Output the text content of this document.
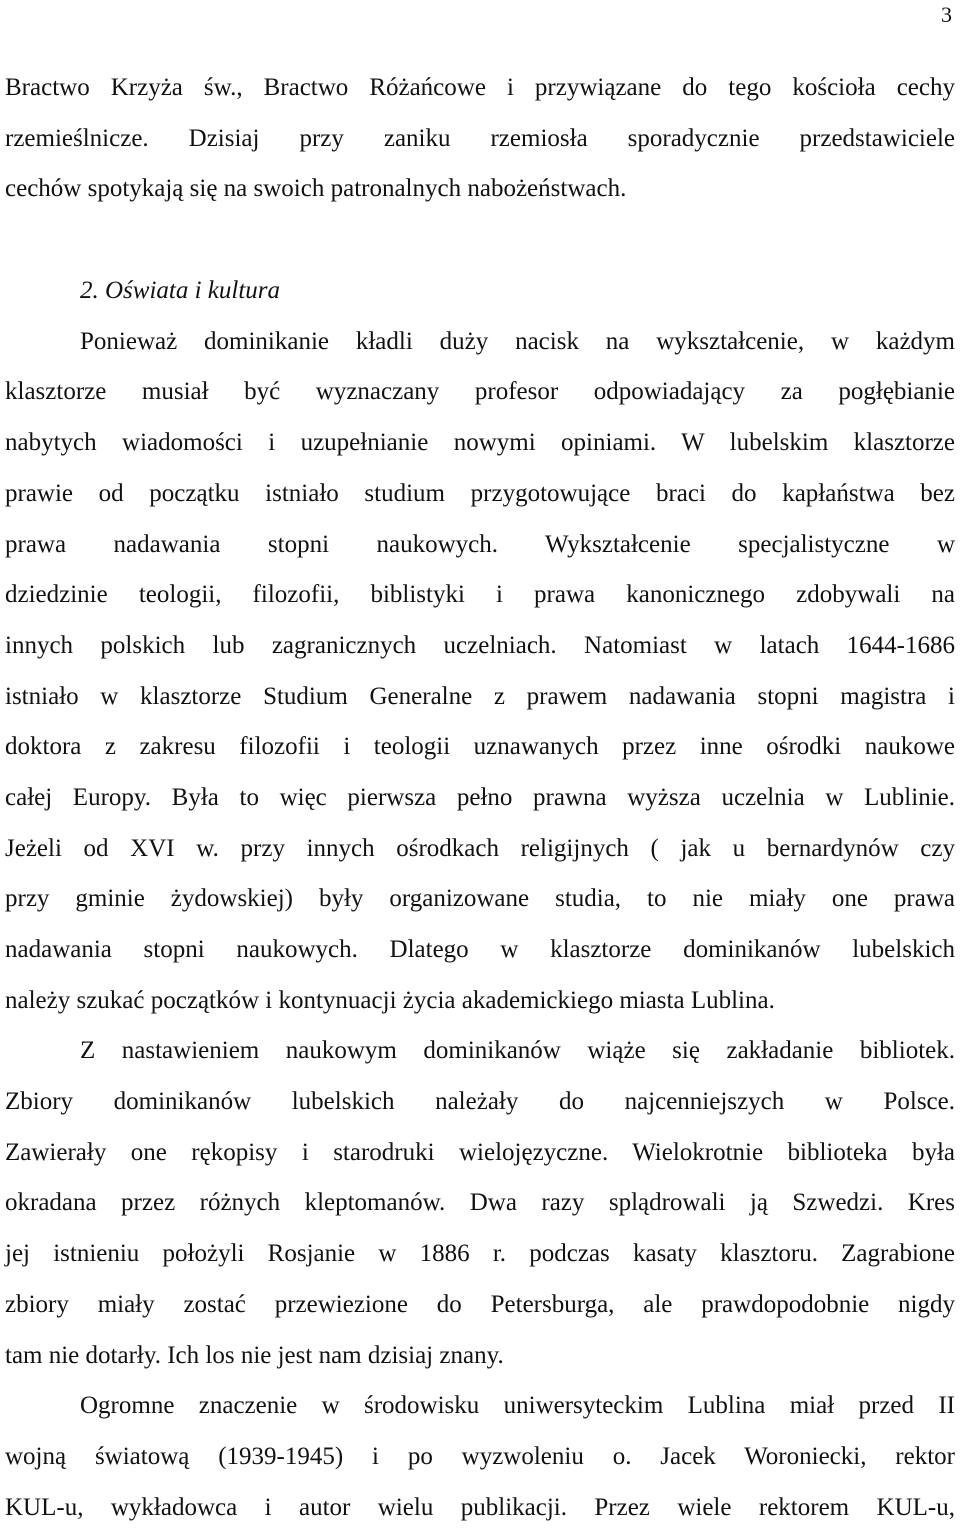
3
Bractwo Krzyża św., Bractwo Różańcowe i przywiązane do tego kościoła cechy
rzemieślnicze. Dzisiaj przy zaniku rzemiosła sporadycznie przedstawiciele
cechów spotykają się na swoich patronalnych nabożeństwach.
2. Oświata i kultura
Ponieważ dominikanie kładli duży nacisk na wykształcenie, w każdym
klasztorze musiał być wyznaczany profesor odpowiadający za pogłębianie
nabytych wiadomości i uzupełnianie nowymi opiniami. W lubelskim klasztorze
prawie od początku istniało studium przygotowujące braci do kapłaństwa bez
prawa nadawania stopni naukowych. Wykształcenie specjalistyczne w
dziedzinie teologii, filozofii, biblistyki i prawa kanonicznego zdobywali na
innych polskich lub zagranicznych uczelniach. Natomiast w latach 1644-1686
istniało w klasztorze Studium Generalne z prawem nadawania stopni magistra i
doktora z zakresu filozofii i teologii uznawanych przez inne ośrodki naukowe
całej Europy. Była to więc pierwsza pełno prawna wyższa uczelnia w Lublinie.
Jeżeli od XVI w. przy innych ośrodkach religijnych ( jak u bernardynów czy
przy gminie żydowskiej) były organizowane studia, to nie miały one prawa
nadawania stopni naukowych. Dlatego w klasztorze dominikanów lubelskich
należy szukać początków i kontynuacji życia akademickiego miasta Lublina.
Z nastawieniem naukowym dominikanów wiąże się zakładanie bibliotek.
Zbiory dominikanów lubelskich należały do najcenniejszych w Polsce.
Zawierały one rękopisy i starodruki wielojęzyczne. Wielokrotnie biblioteka była
okradana przez różnych kleptomanów. Dwa razy splądrowali ją Szwedzi. Kres
jej istnieniu położyli Rosjanie w 1886 r. podczas kasaty klasztoru. Zagrabione
zbiory miały zostać przewiezione do Petersburga, ale prawdopodobnie nigdy
tam nie dotarły. Ich los nie jest nam dzisiaj znany.
Ogromne znaczenie w środowisku uniwersyteckim Lublina miał przed II
wojną światową (1939-1945) i po wyzwoleniu o. Jacek Woroniecki, rektor
KUL-u, wykładowca i autor wielu publikacji. Przez wiele rektorem KUL-u,
